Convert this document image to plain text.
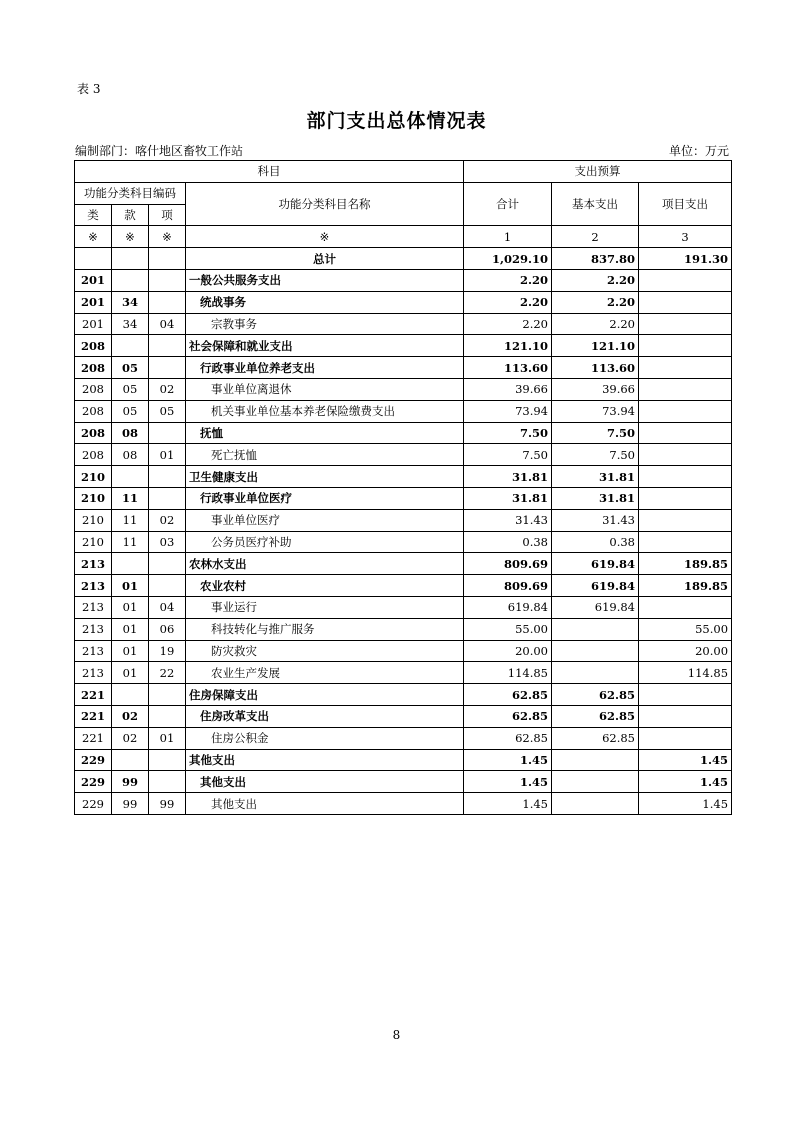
表 3
部门支出总体情况表
编制部门：喀什地区畜牧工作站	单位：万元
科目				支出预算		
功能分类科目编码			功能分类科目名称	合计	基本支出	项目支出
类	款	项				
※	※	※	※	1	2	3
			总计	1,029.10	837.80	191.30
201			一般公共服务支出	2.20	2.20	
201	34		统战事务	2.20	2.20	
201	34	04	宗教事务	2.20	2.20	
208			社会保障和就业支出	121.10	121.10	
208	05		行政事业单位养老支出	113.60	113.60	
208	05	02	事业单位离退休	39.66	39.66	
208	05	05	机关事业单位基本养老保险缴费支出	73.94	73.94	
208	08		抚恤	7.50	7.50	
208	08	01	死亡抚恤	7.50	7.50	
210			卫生健康支出	31.81	31.81	
210	11		行政事业单位医疗	31.81	31.81	
210	11	02	事业单位医疗	31.43	31.43	
210	11	03	公务员医疗补助	0.38	0.38	
213			农林水支出	809.69	619.84	189.85
213	01		农业农村	809.69	619.84	189.85
213	01	04	事业运行	619.84	619.84	
213	01	06	科技转化与推广服务	55.00		55.00
213	01	19	防灾救灾	20.00		20.00
213	01	22	农业生产发展	114.85		114.85
221			住房保障支出	62.85	62.85	
221	02		住房改革支出	62.85	62.85	
221	02	01	住房公积金	62.85	62.85	
229			其他支出	1.45		1.45
229	99		其他支出	1.45		1.45
229	99	99	其他支出	1.45		1.45
8
